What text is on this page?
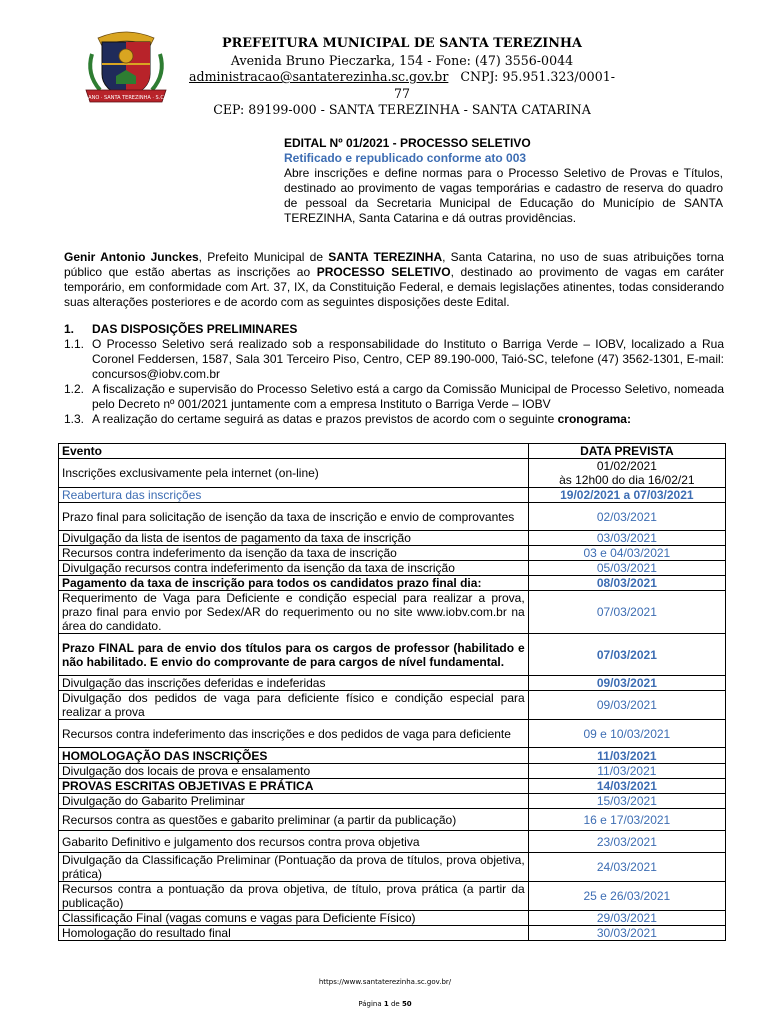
ANO · SANTA TEREZINHA · S.C
PREFEITURA MUNICIPAL DE SANTA TEREZINHA
Avenida Bruno Pieczarka, 154 - Fone: (47) 3556-0044
administracao@santaterezinha.sc.gov.br CNPJ: 95.951.323/0001-77
CEP: 89199-000 - SANTA TEREZINHA - SANTA CATARINA
EDITAL Nº 01/2021 - PROCESSO SELETIVO
Retificado e republicado conforme ato 003
Abre inscrições e define normas para o Processo Seletivo de Provas e Títulos, destinado ao provimento de vagas temporárias e cadastro de reserva do quadro de pessoal da Secretaria Municipal de Educação do Município de SANTA TEREZINHA, Santa Catarina e dá outras providências.
Genir Antonio Junckes, Prefeito Municipal de SANTA TEREZINHA, Santa Catarina, no uso de suas atribuições torna público que estão abertas as inscrições ao PROCESSO SELETIVO, destinado ao provimento de vagas em caráter temporário, em conformidade com Art. 37, IX, da Constituição Federal, e demais legislações atinentes, todas considerando suas alterações posteriores e de acordo com as seguintes disposições deste Edital.
1. DAS DISPOSIÇÕES PRELIMINARES
1.1. O Processo Seletivo será realizado sob a responsabilidade do Instituto o Barriga Verde – IOBV, localizado a Rua Coronel Feddersen, 1587, Sala 301 Terceiro Piso, Centro, CEP 89.190-000, Taió-SC, telefone (47) 3562-1301, E-mail: concursos@iobv.com.br
1.2. A fiscalização e supervisão do Processo Seletivo está a cargo da Comissão Municipal de Processo Seletivo, nomeada pelo Decreto nº 001/2021 juntamente com a empresa Instituto o Barriga Verde – IOBV
1.3. A realização do certame seguirá as datas e prazos previstos de acordo com o seguinte cronograma:
Evento	DATA PREVISTA
Inscrições exclusivamente pela internet (on-line)	01/02/2021
às 12h00 do dia 16/02/21

Reabertura das inscrições	19/02/2021 a 07/03/2021
Prazo final para solicitação de isenção da taxa de inscrição e envio de comprovantes	02/03/2021
Divulgação da lista de isentos de pagamento da taxa de inscrição	03/03/2021
Recursos contra indeferimento da isenção da taxa de inscrição	03 e 04/03/2021
Divulgação recursos contra indeferimento da isenção da taxa de inscrição	05/03/2021
Pagamento da taxa de inscrição para todos os candidatos prazo final dia:	08/03/2021
Requerimento de Vaga para Deficiente e condição especial para realizar a prova, prazo final para envio por Sedex/AR do requerimento ou no site www.iobv.com.br na área do candidato.	07/03/2021
Prazo FINAL para de envio dos títulos para os cargos de professor (habilitado e não habilitado. E envio do comprovante de para cargos de nível fundamental.	07/03/2021
Divulgação das inscrições deferidas e indeferidas	09/03/2021
Divulgação dos pedidos de vaga para deficiente físico e condição especial para realizar a prova	09/03/2021
Recursos contra indeferimento das inscrições e dos pedidos de vaga para deficiente	09 e 10/03/2021
HOMOLOGAÇÃO DAS INSCRIÇÕES	11/03/2021
Divulgação dos locais de prova e ensalamento	11/03/2021
PROVAS ESCRITAS OBJETIVAS E PRÁTICA	14/03/2021
Divulgação do Gabarito Preliminar	15/03/2021
Recursos contra as questões e gabarito preliminar (a partir da publicação)	16 e 17/03/2021
Gabarito Definitivo e julgamento dos recursos contra prova objetiva	23/03/2021
Divulgação da Classificação Preliminar (Pontuação da prova de títulos, prova objetiva, prática)	24/03/2021
Recursos contra a pontuação da prova objetiva, de título, prova prática (a partir da publicação)	25 e 26/03/2021
Classificação Final (vagas comuns e vagas para Deficiente Físico)	29/03/2021
Homologação do resultado final	30/03/2021
https://www.santaterezinha.sc.gov.br/
Página 1 de 50
